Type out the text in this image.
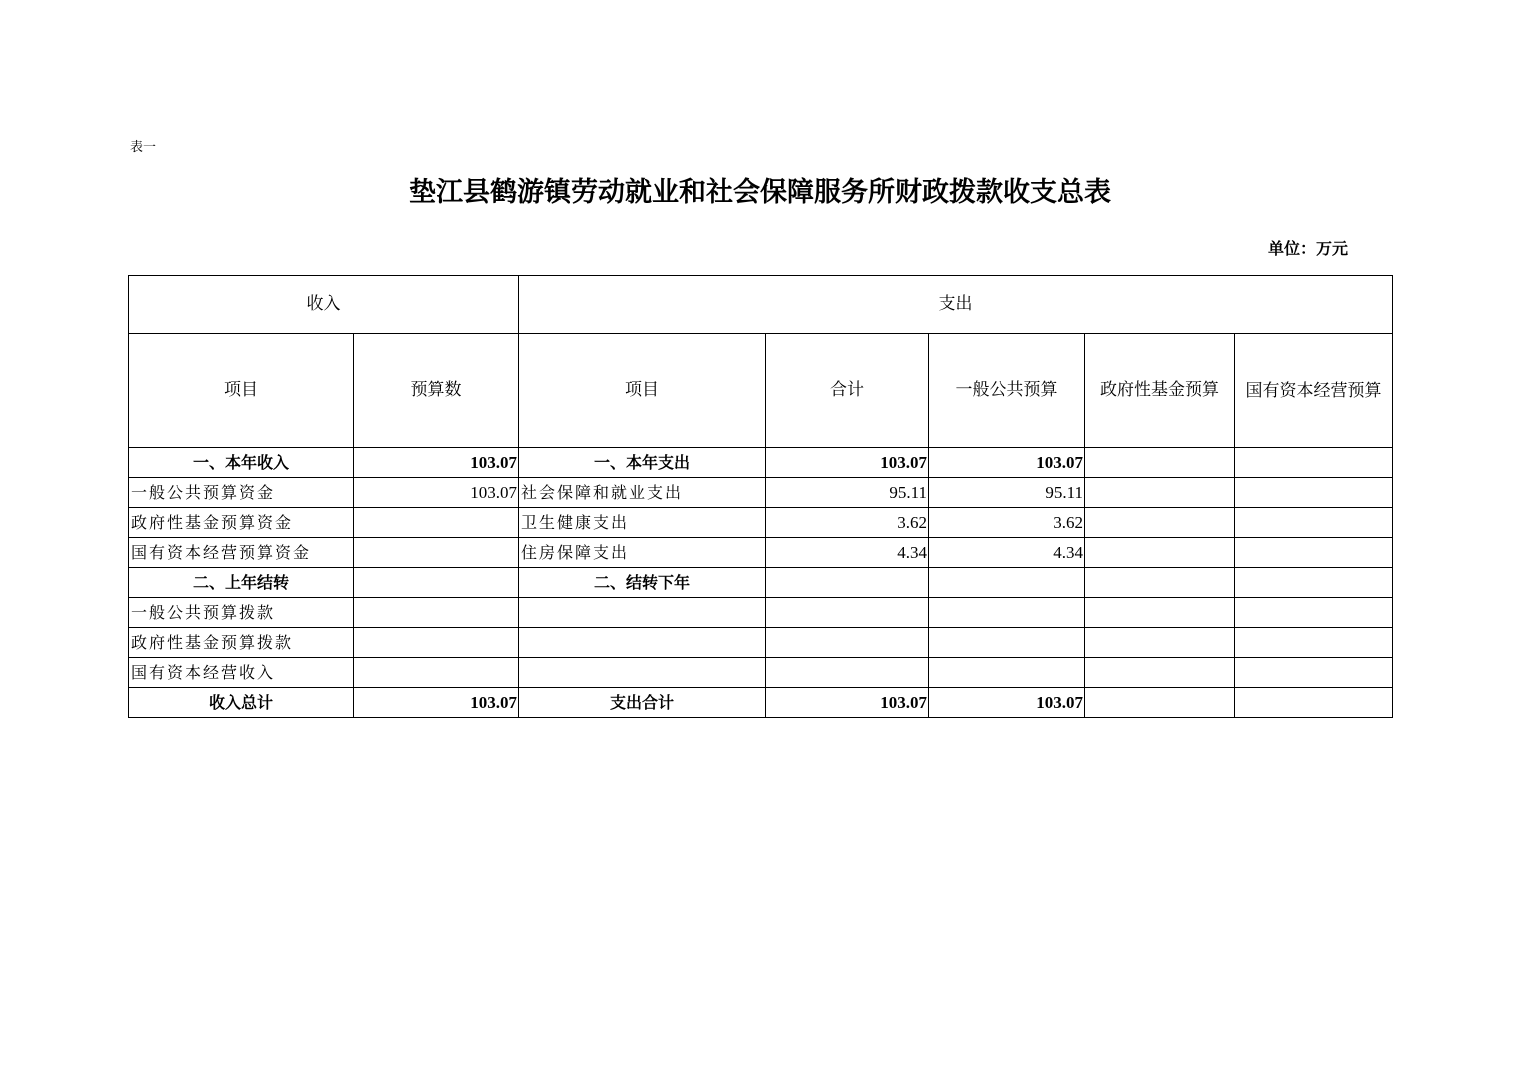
表一
垫江县鹤游镇劳动就业和社会保障服务所财政拨款收支总表
单位：万元
收入		支出				
项目	预算数	项目	合计	一般公共预算	政府性基金预算	国有资本经营预算
一、本年收入	103.07	一、本年支出	103.07	103.07		
一般公共预算资金	103.07	社会保障和就业支出	95.11	95.11		
政府性基金预算资金		卫生健康支出	3.62	3.62		
国有资本经营预算资金		住房保障支出	4.34	4.34		
二、上年结转		二、结转下年				
一般公共预算拨款						
政府性基金预算拨款						
国有资本经营收入						
收入总计	103.07	支出合计	103.07	103.07		
